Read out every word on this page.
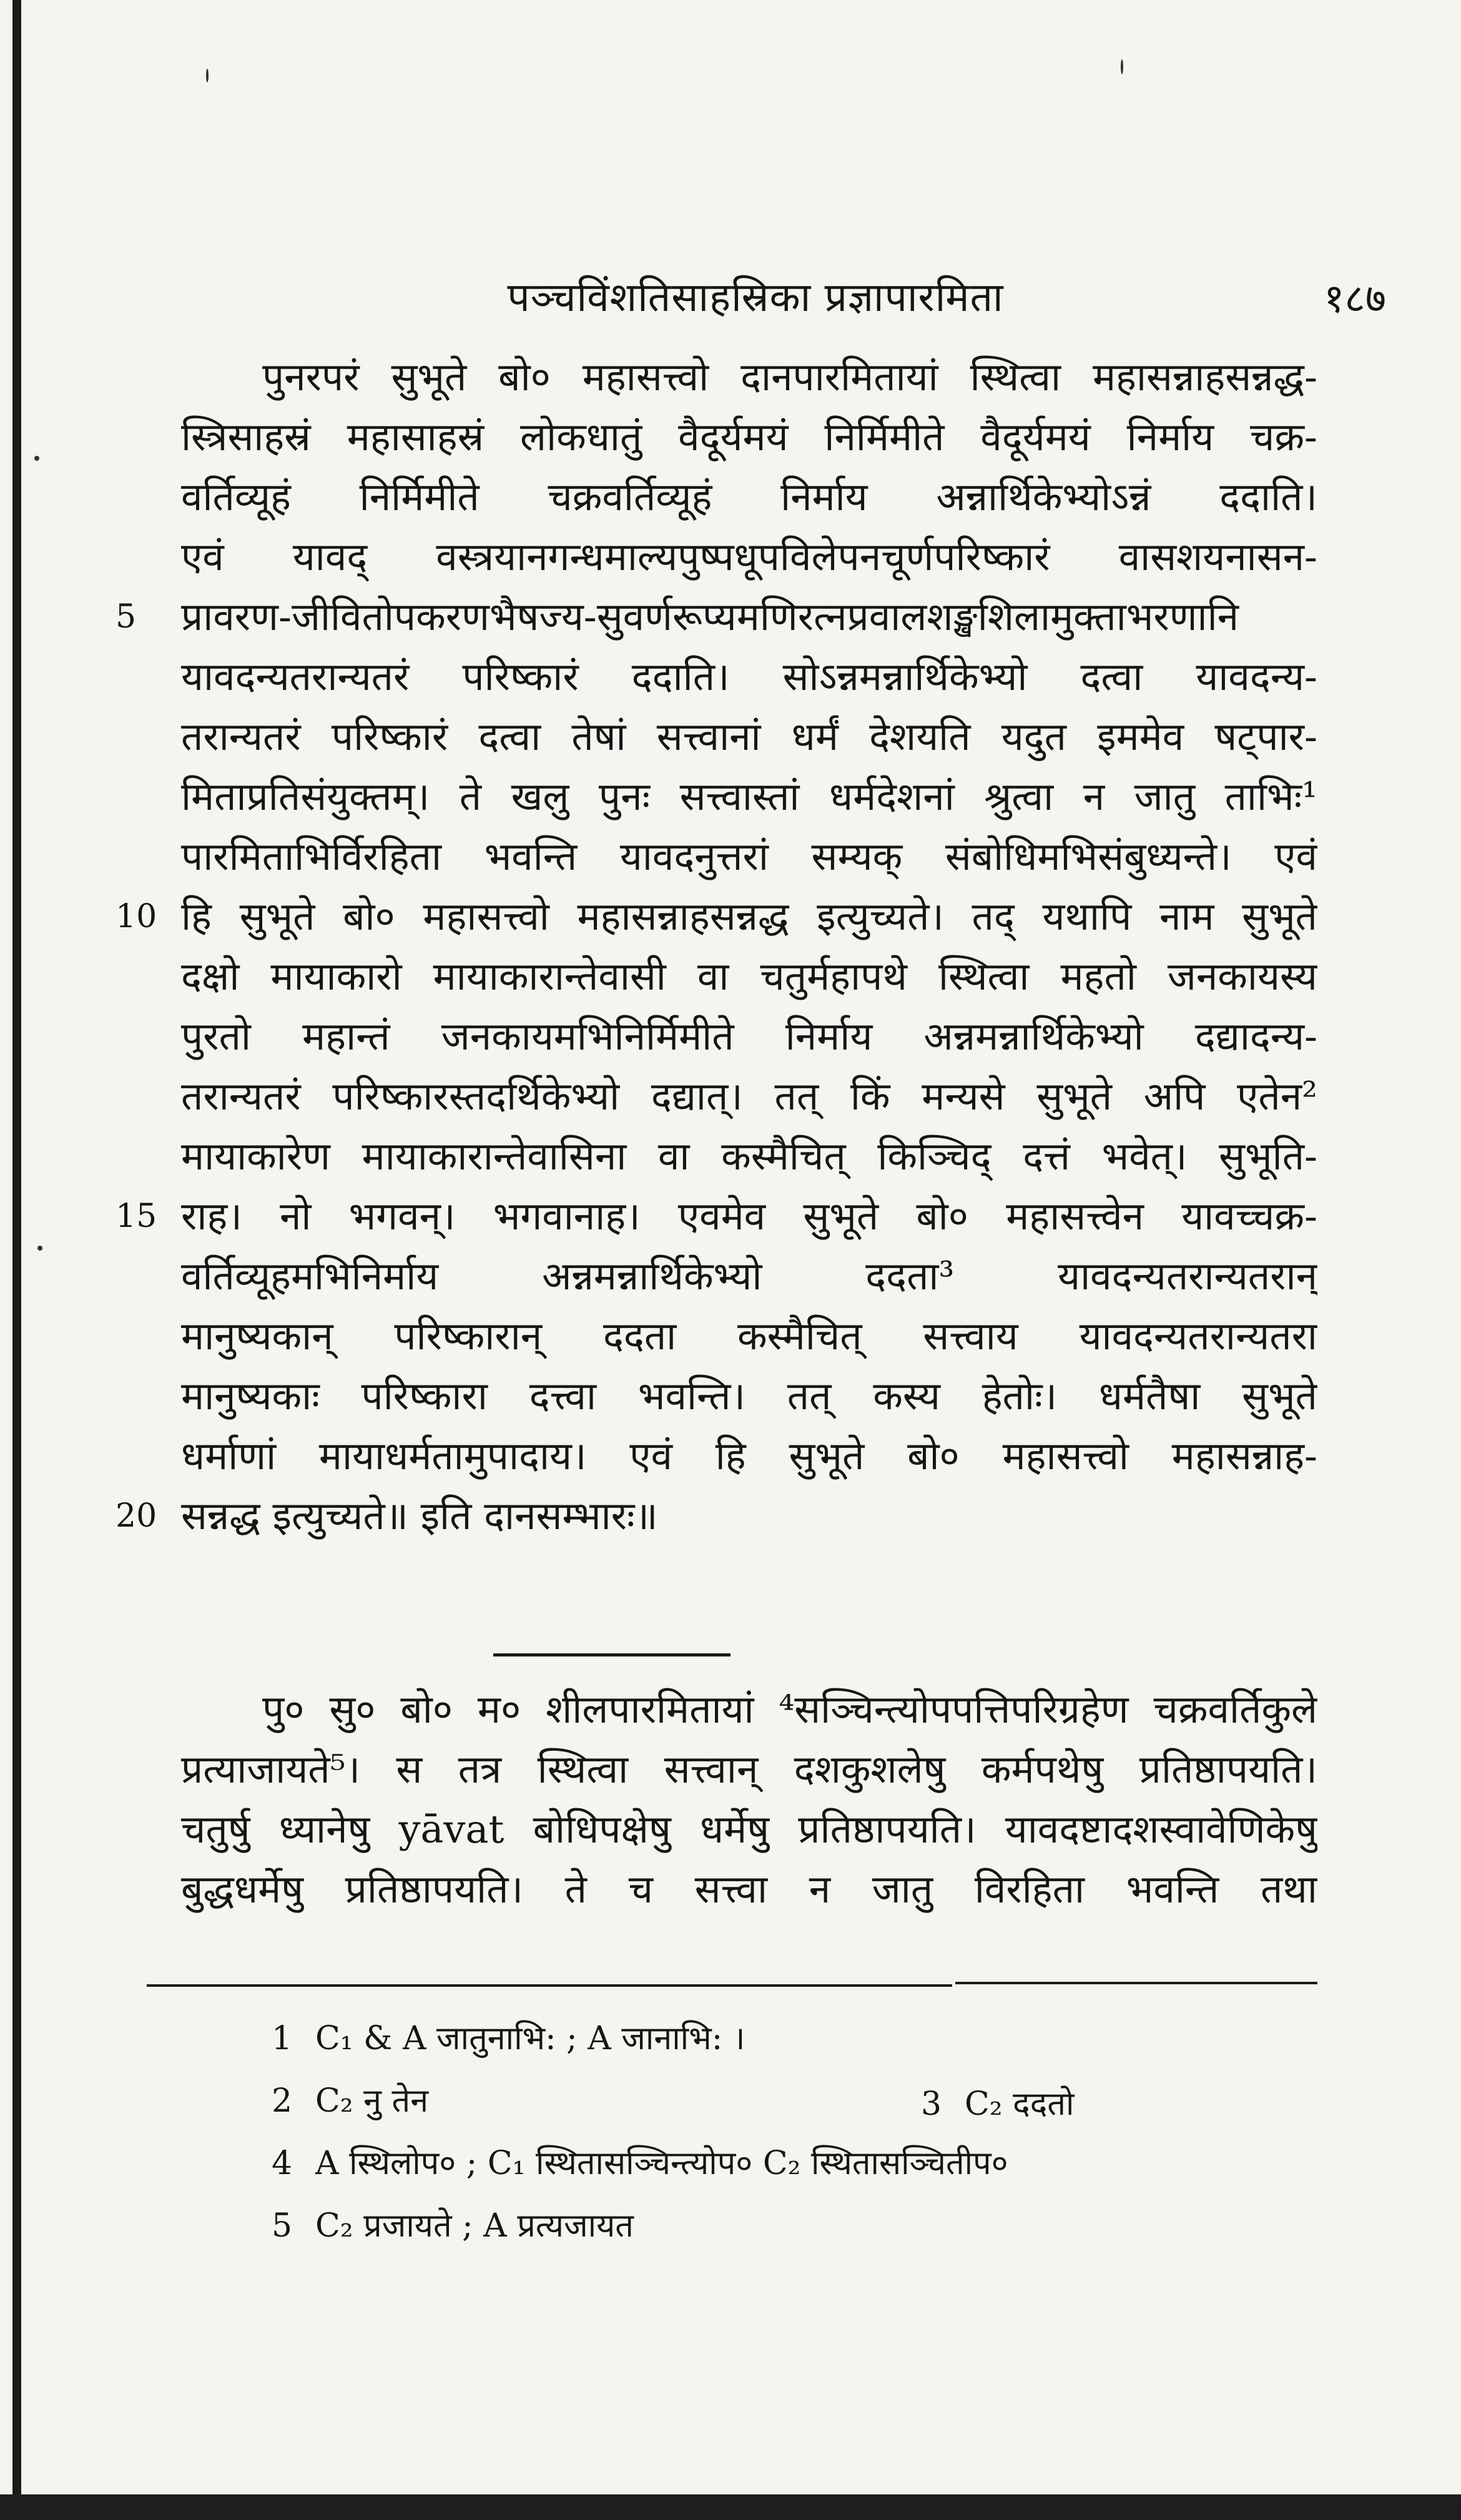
पञ्चविंशतिसाहस्रिका प्रज्ञापारमिता	१८७
पुनरपरं सुभूते बो० महासत्त्वो दानपारमितायां स्थित्वा महासन्नाहसन्नद्ध-
स्त्रिसाहस्रं महासाहस्रं लोकधातुं वैदूर्यमयं निर्मिमीते वैदूर्यमयं निर्माय चक्र-
वर्तिव्यूहं निर्मिमीते चक्रवर्तिव्यूहं निर्माय अन्नार्थिकेभ्योऽन्नं ददाति।
एवं यावद् वस्त्रयानगन्धमाल्यपुष्पधूपविलेपनचूर्णपरिष्कारं वासशयनासन-
5	प्रावरण-जीवितोपकरणभैषज्य-सुवर्णरूप्यमणिरत्नप्रवालशङ्खशिलामुक्ताभरणानि
यावदन्यतरान्यतरं परिष्कारं ददाति। सोऽन्नमन्नार्थिकेभ्यो दत्वा यावदन्य-
तरान्यतरं परिष्कारं दत्वा तेषां सत्त्वानां धर्मं देशयति यदुत इममेव षट्पार-
मिताप्रतिसंयुक्तम्। ते खलु पुनः सत्त्वास्तां धर्मदेशनां श्रुत्वा न जातु ताभिः¹
पारमिताभिर्विरहिता भवन्ति यावदनुत्तरां सम्यक् संबोधिमभिसंबुध्यन्ते। एवं
10 हि सुभूते बो० महासत्त्वो महासन्नाहसन्नद्ध इत्युच्यते। तद् यथापि नाम सुभूते
दक्षो मायाकारो मायाकारान्तेवासी वा चतुर्महापथे स्थित्वा महतो जनकायस्य
पुरतो महान्तं जनकायमभिनिर्मिमीते निर्माय अन्नमन्नार्थिकेभ्यो दद्यादन्य-
तरान्यतरं परिष्कारस्तदर्थिकेभ्यो दद्यात्। तत् किं मन्यसे सुभूते अपि एतेन²
मायाकारेण मायाकारान्तेवासिना वा कस्मैचित् किञ्चिद् दत्तं भवेत्। सुभूति-
15 राह। नो भगवन्। भगवानाह। एवमेव सुभूते बो० महासत्त्वेन यावच्चक्र-
वर्तिव्यूहमभिनिर्माय अन्नमन्नार्थिकेभ्यो ददता³ यावदन्यतरान्यतरान्
मानुष्यकान् परिष्कारान् ददता कस्मैचित् सत्त्वाय यावदन्यतरान्यतरा
मानुष्यकाः परिष्कारा दत्त्वा भवन्ति। तत् कस्य हेतोः। धर्मतैषा सुभूते
धर्माणां मायाधर्मतामुपादाय। एवं हि सुभूते बो० महासत्त्वो महासन्नाह-
20 सन्नद्ध इत्युच्यते॥ इति दानसम्भारः॥
पु० सु० बो० म० शीलपारमितायां ⁴सञ्चिन्त्योपपत्तिपरिग्रहेण चक्रवर्तिकुले
प्रत्याजायते⁵। स तत्र स्थित्वा सत्त्वान् दशकुशलेषु कर्मपथेषु प्रतिष्ठापयति।
चतुर्षु ध्यानेषु yāvat बोधिपक्षेषु धर्मेषु प्रतिष्ठापयति। यावदष्टादशस्वावेणिकेषु
बुद्धधर्मेषु प्रतिष्ठापयति। ते च सत्त्वा न जातु विरहिता भवन्ति तथा
1 C₁ & A जातुनाभि: ; A जानाभि: ।
2 C₂ नु तेन	3 C₂ ददतो
4 A स्थिलोप० ; C₁ स्थितासञ्चिन्त्योप० C₂ स्थितासञ्चितीप०
5 C₂ प्रजायते ; A प्रत्यजायत
